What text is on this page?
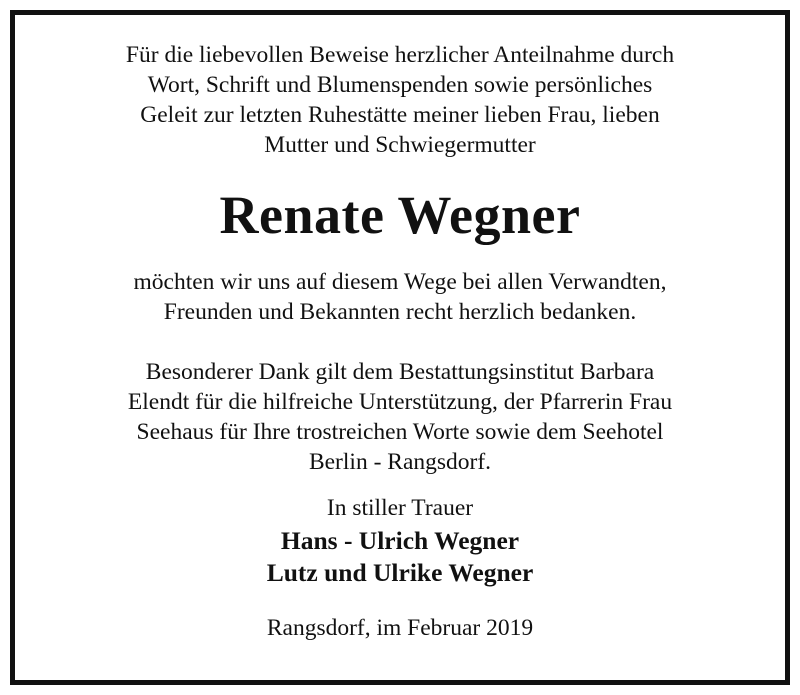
Für die liebevollen Beweise herzlicher Anteilnahme durch
Wort, Schrift und Blumenspenden sowie persönliches
Geleit zur letzten Ruhestätte meiner lieben Frau, lieben
Mutter und Schwiegermutter

Renate Wegner

möchten wir uns auf diesem Wege bei allen Verwandten,
Freunden und Bekannten recht herzlich bedanken.

Besonderer Dank gilt dem Bestattungsinstitut Barbara
Elendt für die hilfreiche Unterstützung, der Pfarrerin Frau
Seehaus für Ihre trostreichen Worte sowie dem Seehotel
Berlin - Rangsdorf.

In stiller Trauer

Hans - Ulrich Wegner
Lutz und Ulrike Wegner

Rangsdorf, im Februar 2019
